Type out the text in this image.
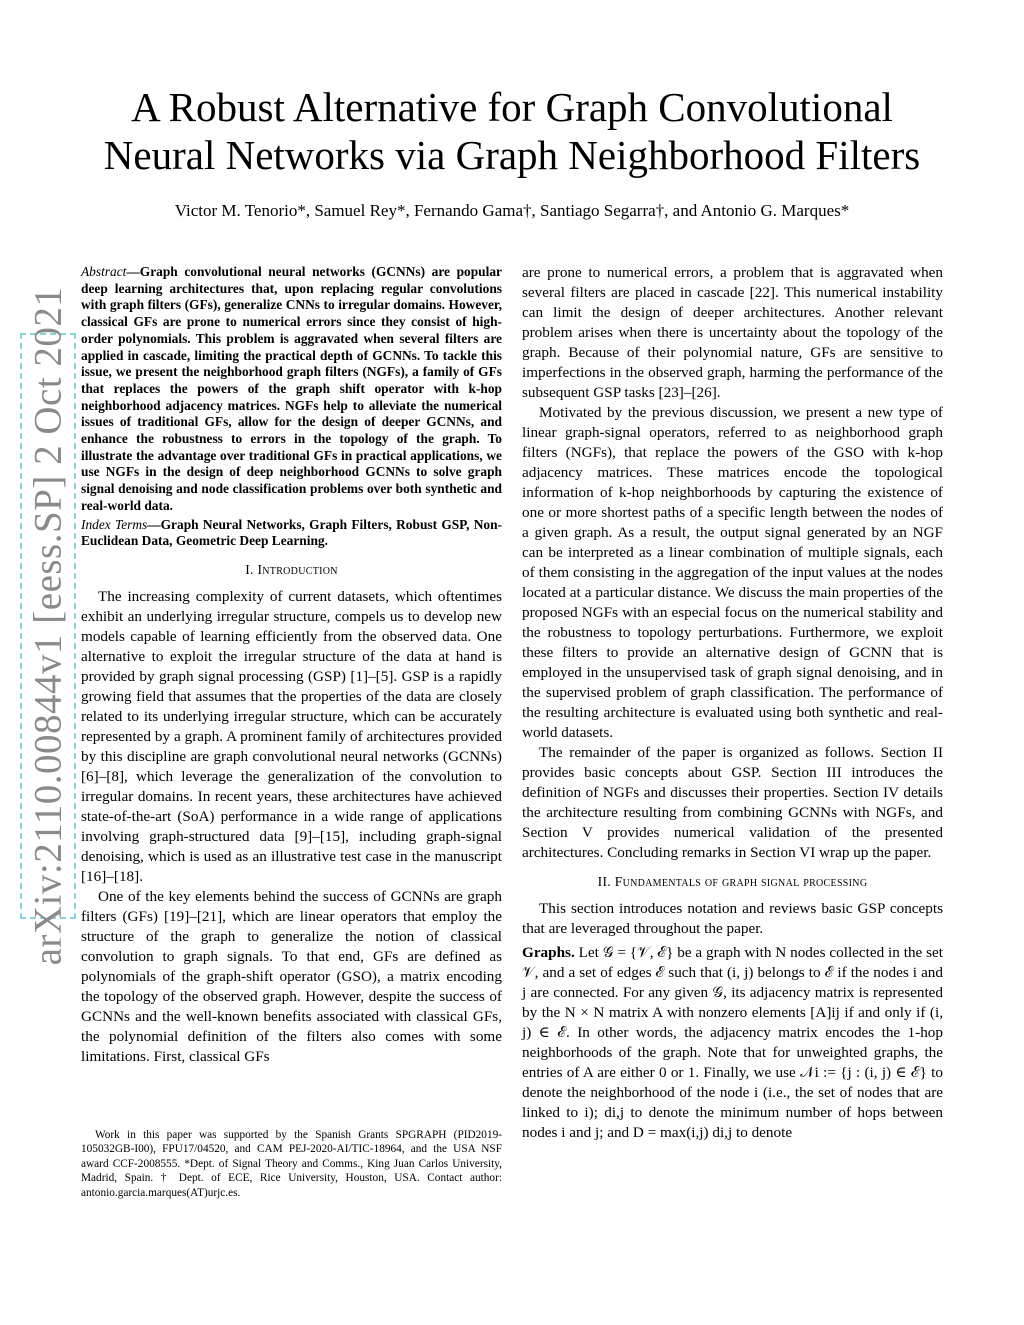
arXiv:2110.00844v1 [eess.SP] 2 Oct 2021
A Robust Alternative for Graph Convolutional
Neural Networks via Graph Neighborhood Filters
Victor M. Tenorio*, Samuel Rey*, Fernando Gama†, Santiago Segarra†, and Antonio G. Marques*

Abstract—Graph convolutional neural networks (GCNNs) are popular deep learning architectures that, upon replacing regular convolutions with graph filters (GFs), generalize CNNs to irregular domains. However, classical GFs are prone to numerical errors since they consist of high-order polynomials. This problem is aggravated when several filters are applied in cascade, limiting the practical depth of GCNNs. To tackle this issue, we present the neighborhood graph filters (NGFs), a family of GFs that replaces the powers of the graph shift operator with k-hop neighborhood adjacency matrices. NGFs help to alleviate the numerical issues of traditional GFs, allow for the design of deeper GCNNs, and enhance the robustness to errors in the topology of the graph. To illustrate the advantage over traditional GFs in practical applications, we use NGFs in the design of deep neighborhood GCNNs to solve graph signal denoising and node classification problems over both synthetic and real-world data.

Index Terms—Graph Neural Networks, Graph Filters, Robust GSP, Non-Euclidean Data, Geometric Deep Learning.

I. Introduction

The increasing complexity of current datasets, which oftentimes exhibit an underlying irregular structure, compels us to develop new models capable of learning efficiently from the observed data. One alternative to exploit the irregular structure of the data at hand is provided by graph signal processing (GSP) [1]–[5]. GSP is a rapidly growing field that assumes that the properties of the data are closely related to its underlying irregular structure, which can be accurately represented by a graph. A prominent family of architectures provided by this discipline are graph convolutional neural networks (GCNNs) [6]–[8], which leverage the generalization of the convolution to irregular domains. In recent years, these architectures have achieved state-of-the-art (SoA) performance in a wide range of applications involving graph-structured data [9]–[15], including graph-signal denoising, which is used as an illustrative test case in the manuscript [16]–[18].

One of the key elements behind the success of GCNNs are graph filters (GFs) [19]–[21], which are linear operators that employ the structure of the graph to generalize the notion of classical convolution to graph signals. To that end, GFs are defined as polynomials of the graph-shift operator (GSO), a matrix encoding the topology of the observed graph. However, despite the success of GCNNs and the well-known benefits associated with classical GFs, the polynomial definition of the filters also comes with some limitations. First, classical GFs

Work in this paper was supported by the Spanish Grants SPGRAPH (PID2019-105032GB-I00), FPU17/04520, and CAM PEJ-2020-AI/TIC-18964, and the USA NSF award CCF-2008555. *Dept. of Signal Theory and Comms., King Juan Carlos University, Madrid, Spain. † Dept. of ECE, Rice University, Houston, USA. Contact author: antonio.garcia.marques(AT)urjc.es.

are prone to numerical errors, a problem that is aggravated when several filters are placed in cascade [22]. This numerical instability can limit the design of deeper architectures. Another relevant problem arises when there is uncertainty about the topology of the graph. Because of their polynomial nature, GFs are sensitive to imperfections in the observed graph, harming the performance of the subsequent GSP tasks [23]–[26].

Motivated by the previous discussion, we present a new type of linear graph-signal operators, referred to as neighborhood graph filters (NGFs), that replace the powers of the GSO with k-hop adjacency matrices. These matrices encode the topological information of k-hop neighborhoods by capturing the existence of one or more shortest paths of a specific length between the nodes of a given graph. As a result, the output signal generated by an NGF can be interpreted as a linear combination of multiple signals, each of them consisting in the aggregation of the input values at the nodes located at a particular distance. We discuss the main properties of the proposed NGFs with an especial focus on the numerical stability and the robustness to topology perturbations. Furthermore, we exploit these filters to provide an alternative design of GCNN that is employed in the unsupervised task of graph signal denoising, and in the supervised problem of graph classification. The performance of the resulting architecture is evaluated using both synthetic and real-world datasets.

The remainder of the paper is organized as follows. Section II provides basic concepts about GSP. Section III introduces the definition of NGFs and discusses their properties. Section IV details the architecture resulting from combining GCNNs with NGFs, and Section V provides numerical validation of the presented architectures. Concluding remarks in Section VI wrap up the paper.

II. Fundamentals of graph signal processing

This section introduces notation and reviews basic GSP concepts that are leveraged throughout the paper.

Graphs. Let 𝒢 = {𝒱, ℰ} be a graph with N nodes collected in the set 𝒱, and a set of edges ℰ such that (i, j) belongs to ℰ if the nodes i and j are connected. For any given 𝒢, its adjacency matrix is represented by the N × N matrix A with nonzero elements [A]ij if and only if (i, j) ∈ ℰ. In other words, the adjacency matrix encodes the 1-hop neighborhoods of the graph. Note that for unweighted graphs, the entries of A are either 0 or 1. Finally, we use 𝒩i := {j : (i, j) ∈ ℰ} to denote the neighborhood of the node i (i.e., the set of nodes that are linked to i); di,j to denote the minimum number of hops between nodes i and j; and D = max(i,j) di,j to denote
